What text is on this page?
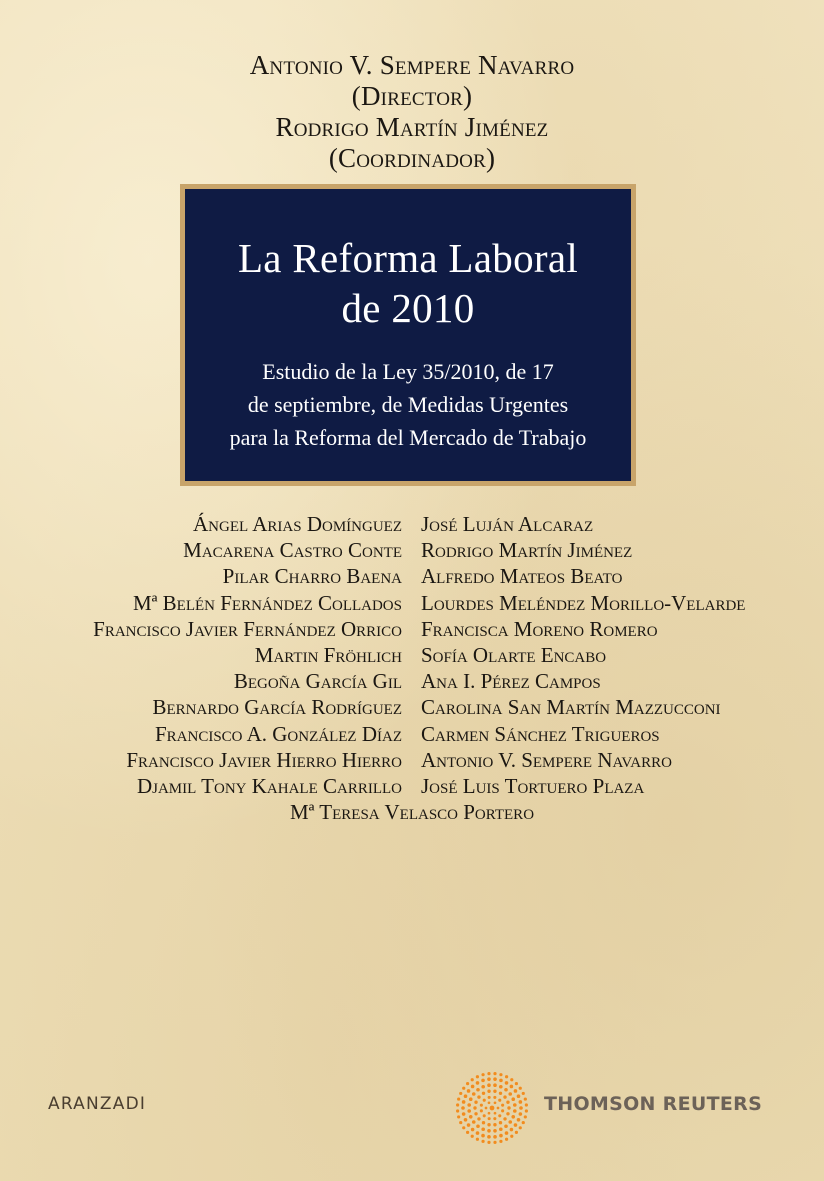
Antonio V. Sempere Navarro
(Director)
Rodrigo Martín Jiménez
(Coordinador)
La Reforma Laboral
de 2010
Estudio de la Ley 35/2010, de 17
de septiembre, de Medidas Urgentes
para la Reforma del Mercado de Trabajo
Ángel Arias Domínguez
Macarena Castro Conte
Pilar Charro Baena
Mª Belén Fernández Collados
Francisco Javier Fernández Orrico
Martin Fröhlich
Begoña García Gil
Bernardo García Rodríguez
Francisco A. González Díaz
Francisco Javier Hierro Hierro
Djamil Tony Kahale Carrillo
José Luján Alcaraz
Rodrigo Martín Jiménez
Alfredo Mateos Beato
Lourdes Meléndez Morillo-Velarde
Francisca Moreno Romero
Sofía Olarte Encabo
Ana I. Pérez Campos
Carolina San Martín Mazzucconi
Carmen Sánchez Trigueros
Antonio V. Sempere Navarro
José Luis Tortuero Plaza
Mª Teresa Velasco Portero
ARANZADI	THOMSON REUTERS
